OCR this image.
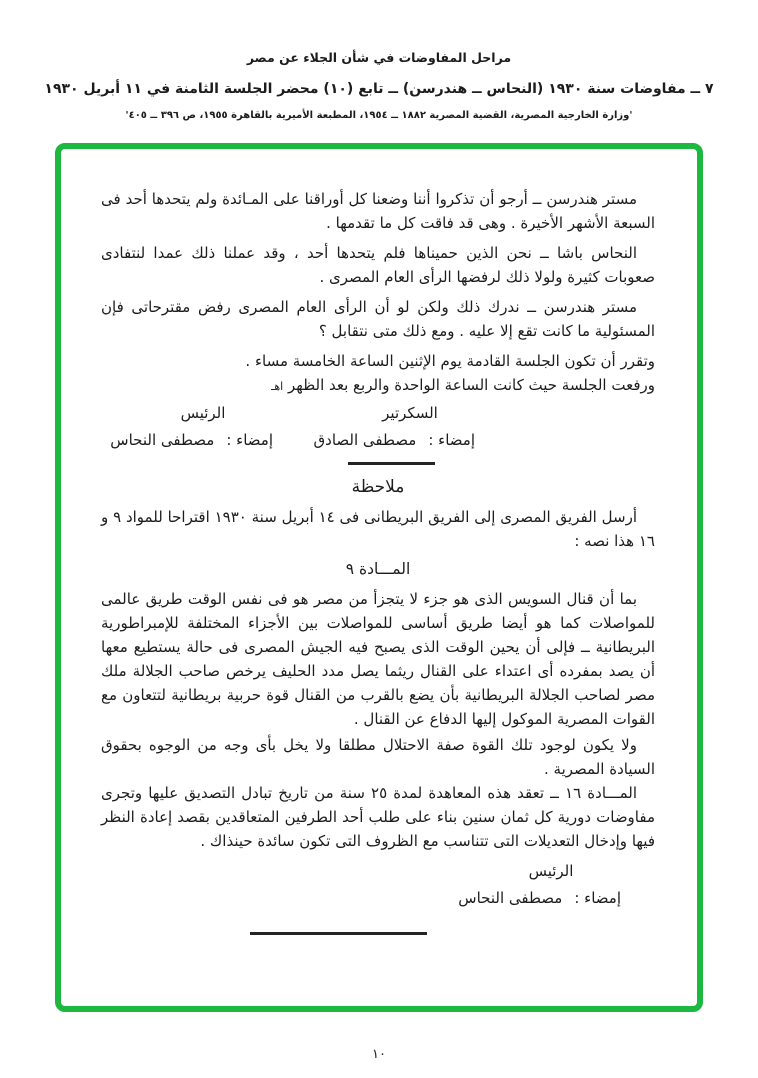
مراحل المفاوضات في شأن الجلاء عن مصر
٧ ــ مفاوضات سنة ١٩٣٠ (النحاس ــ هندرسن) ــ تابع (١٠) محضر الجلسة الثامنة في ١١ أبريل ١٩٣٠
'وزارة الخارجية المصرية، القضية المصرية ١٨٨٢ ــ ١٩٥٤، المطبعة الأميرية بالقاهرة ١٩٥٥، ص ٣٩٦ ــ ٤٠٥'

مستر هندرسن ــ أرجو أن تذكروا أننا وضعنا كل أوراقنا على المـائدة ولم يتحدها أحد فى السبعة الأشهر الأخيرة . وهى قد فاقت كل ما تقدمها .

النحاس باشا ــ نحن الذين حميناها فلم يتحدها أحد ، وقد عملنا ذلك عمدا لنتفادى صعوبات كثيرة ولولا ذلك لرفضها الرأى العام المصرى .

مستر هندرسن ــ ندرك ذلك ولكن لو أن الرأى العام المصرى رفض مقترحاتى فإن المسئولية ما كانت تقع إلا عليه . ومع ذلك متى نتقابل ؟

وتقرر أن تكون الجلسة القادمة يوم الإثنين الساعة الخامسة مساء .

ورفعت الجلسة حيث كانت الساعة الواحدة والربع بعد الظهر اهـ

السكرتير
إمضاء :
مصطفى الصادق
الرئيس
إمضاء :
مصطفى النحاس
ملاحظة

أرسل الفريق المصرى إلى الفريق البريطانى فى ١٤ أبريل سنة ١٩٣٠ اقتراحا للمواد ٩ و ١٦ هذا نصه :

المـــادة ٩

بما أن قنال السويس الذى هو جزء لا يتجزأ من مصر هو فى نفس الوقت طريق عالمى للمواصلات كما هو أيضا طريق أساسى للمواصلات بين الأجزاء المختلفة للإمبراطورية البريطانية ــ فإلى أن يحين الوقت الذى يصبح فيه الجيش المصرى فى حالة يستطيع معها أن يصد بمفرده أى اعتداء على القنال ريثما يصل مدد الحليف يرخص صاحب الجلالة ملك مصر لصاحب الجلالة البريطانية بأن يضع بالقرب من القنال قوة حربية بريطانية لتتعاون مع القوات المصرية الموكول إليها الدفاع عن القنال .

ولا يكون لوجود تلك القوة صفة الاحتلال مطلقا ولا يخل بأى وجه من الوجوه بحقوق السيادة المصرية .

المـــادة ١٦ ــ تعقد هذه المعاهدة لمدة ٢٥ سنة من تاريخ تبادل التصديق عليها وتجرى مفاوضات دورية كل ثمان سنين بناء على طلب أحد الطرفين المتعاقدين بقصد إعادة النظر فيها وإدخال التعديلات التى تتناسب مع الظروف التى تكون سائدة حينذاك .

الرئيس
إمضاء :
مصطفى النحاس
١٠
